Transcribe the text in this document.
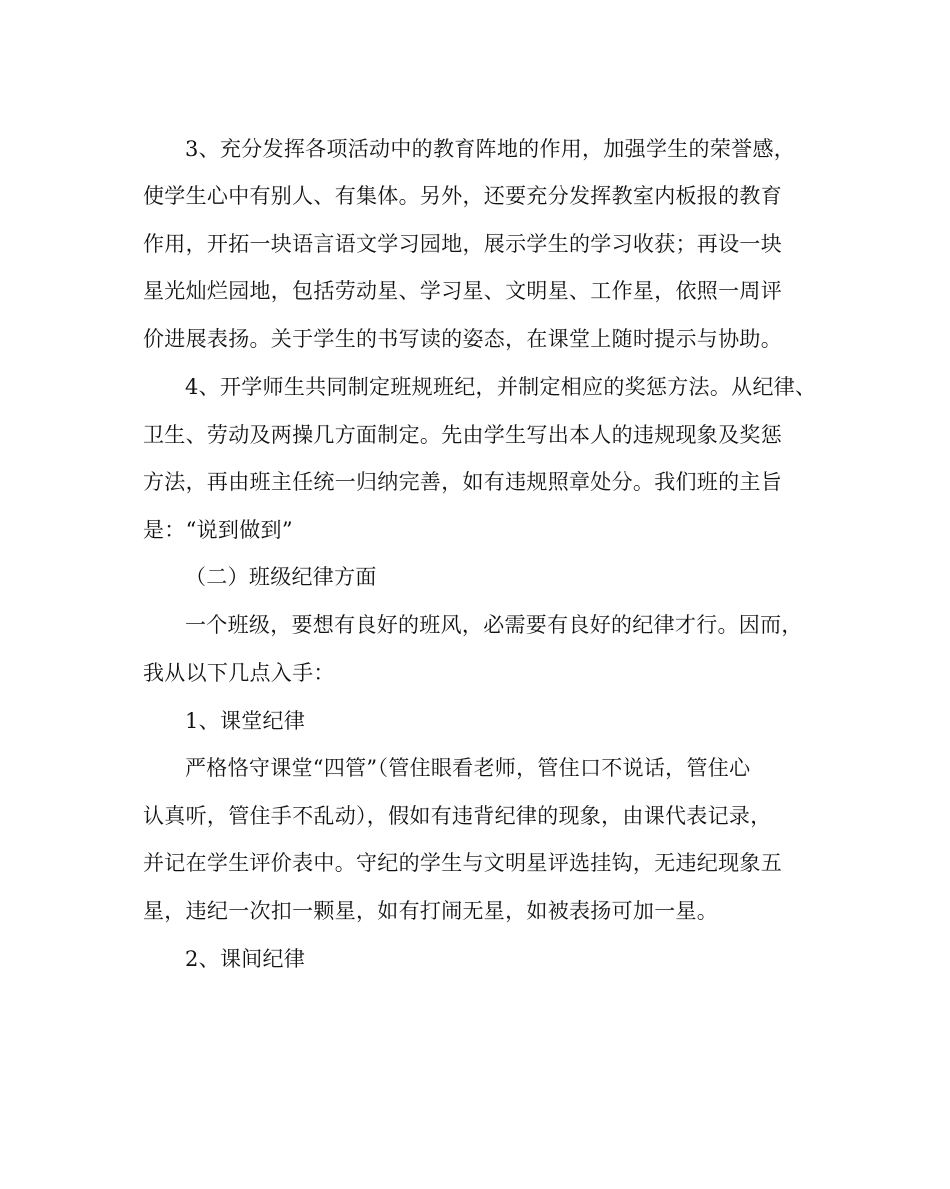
3、充分发挥各项活动中的教育阵地的作用，加强学生的荣誉感，
使学生心中有别人、有集体。另外，还要充分发挥教室内板报的教育
作用，开拓一块语言语文学习园地，展示学生的学习收获；再设一块
星光灿烂园地，包括劳动星、学习星、文明星、工作星，依照一周评
价进展表扬。关于学生的书写读的姿态，在课堂上随时提示与协助。
4、开学师生共同制定班规班纪，并制定相应的奖惩方法。从纪律、
卫生、劳动及两操几方面制定。先由学生写出本人的违规现象及奖惩
方法，再由班主任统一归纳完善，如有违规照章处分。我们班的主旨
是：“说到做到”
（二）班级纪律方面
一个班级，要想有良好的班风，必需要有良好的纪律才行。因而，
我从以下几点入手：
1、课堂纪律
严格恪守课堂“四管”（管住眼看老师，管住口不说话，管住心
认真听，管住手不乱动），假如有违背纪律的现象，由课代表记录，
并记在学生评价表中。守纪的学生与文明星评选挂钩，无违纪现象五
星，违纪一次扣一颗星，如有打闹无星，如被表扬可加一星。
2、课间纪律
